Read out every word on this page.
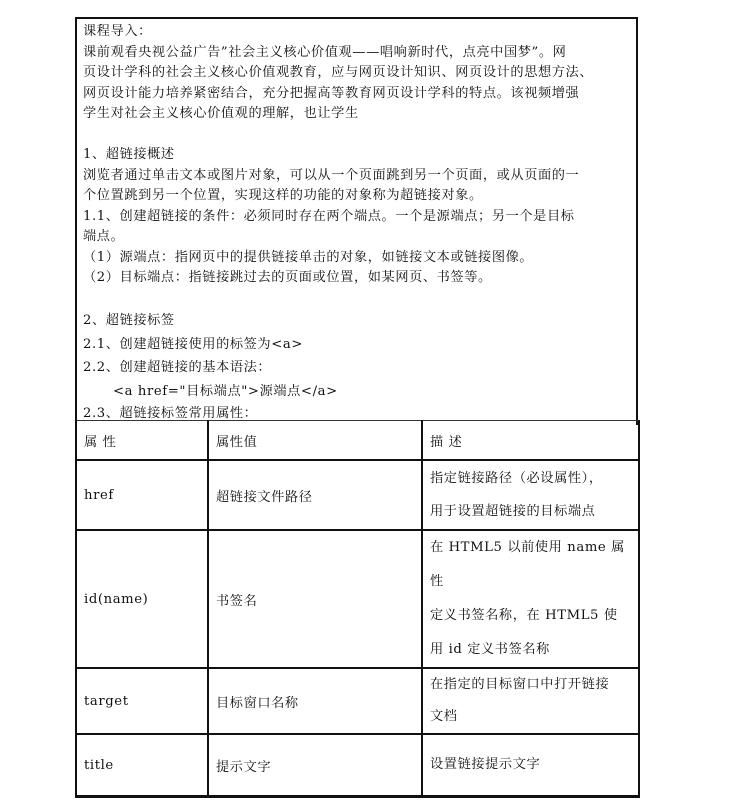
课程导入：

课前观看央视公益广告”社会主义核心价值观——唱响新时代，点亮中国梦”。网

页设计学科的社会主义核心价值观教育，应与网页设计知识、网页设计的思想方法、

网页设计能力培养紧密结合，充分把握高等教育网页设计学科的特点。该视频增强

学生对社会主义核心价值观的理解，也让学生

1、超链接概述

浏览者通过单击文本或图片对象，可以从一个页面跳到另一个页面，或从页面的一

个位置跳到另一个位置，实现这样的功能的对象称为超链接对象。

1.1、创建超链接的条件：必须同时存在两个端点。一个是源端点；另一个是目标

端点。

（1）源端点：指网页中的提供链接单击的对象，如链接文本或链接图像。

（2）目标端点：指链接跳过去的页面或位置，如某网页、书签等。

2、超链接标签

2.1、创建超链接使用的标签为<a>

2.2、创建超链接的基本语法：

<a href="目标端点">源端点</a>

2.3、超链接标签常用属性：

属 性	属性值	描 述
href	超链接文件路径	指定链接路径（必设属性），
用于设置超链接的目标端点

id(name)	书签名	在 HTML5 以前使用 name 属性
定义书签名称，在 HTML5 使
用 id 定义书签名称

target	目标窗口名称	在指定的目标窗口中打开链接
文档

title	提示文字	设置链接提示文字
